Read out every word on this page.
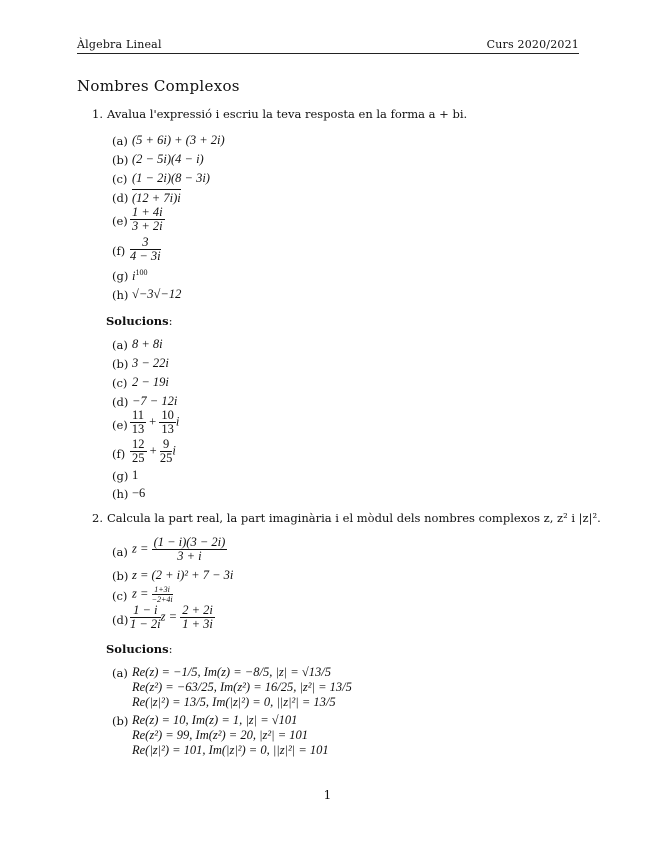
Àlgebra Lineal	Curs 2020/2021
Nombres Complexos
1. Avalua l'expressió i escriu la teva resposta en la forma a + bi.
(a) (5 + 6i) + (3 + 2i)
(b) (2 − 5i)(4 − i)
(c) (1 − 2i)(8 − 3i)
(d) (12 + 7i)i
$(e) \frac{1 + 4i}{3 + 2i}$
$(f) \frac{3}{4 - 3i}$
(g) $i^{100}$
(h) √−3√−12
Solucions:
(a) 8 + 8i
(b) 3 − 22i
(c) 2 − 19i
(d) −7 − 12i
$(e) \frac{11}{13} + \frac{10}{13}$ i
$(f) \frac{12}{25} + \frac{9}{25}$ i
(g) 1
(h) −6
2. Calcula la part real, la part imaginària i el mòdul dels nombres complexos z, z² i |z|².
(a) $z = \frac{(1 - i)(3 - 2i)}{3 + i}$
(b) z = (2 + i)² + 7 − 3i
(c) $z = \frac{1+3i}{-2+4i}$
$(d) \frac{1 - i}{1 - 2i}$ $z = \frac{2 + 2i}{1 + 3i}$
Solucions:
(a) Re(z) = −1/5, Im(z) = −8/5, |z| = √13/5
Re(z²) = −63/25, Im(z²) = 16/25, |z²| = 13/5
Re(|z|²) = 13/5, Im(|z|²) = 0, ||z|²| = 13/5
(b) Re(z) = 10, Im(z) = 1, |z| = √101
Re(z²) = 99, Im(z²) = 20, |z²| = 101
Re(|z|²) = 101, Im(|z|²) = 0, ||z|²| = 101
1
